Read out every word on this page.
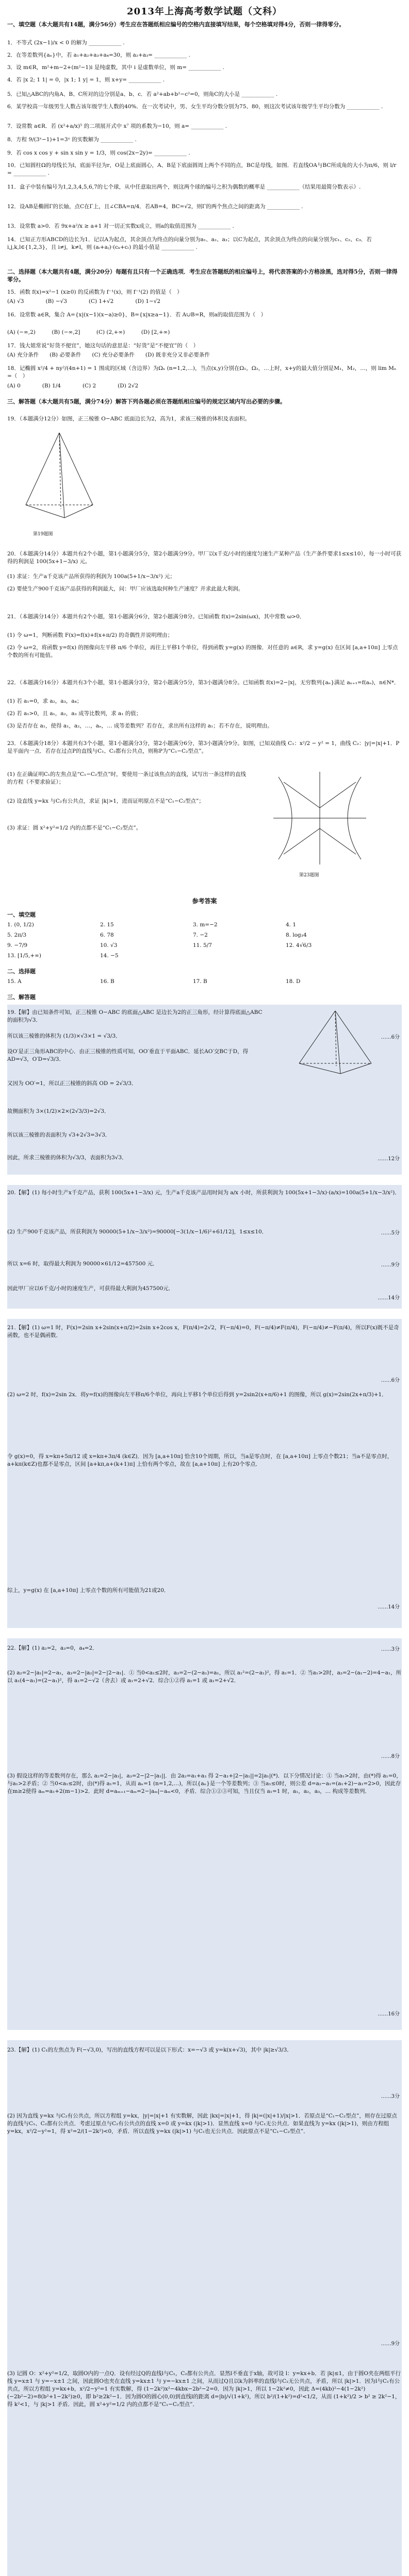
2013年上海高考数学试题（文科）
一、填空题（本大题共有14题，满分56分）考生应在答题纸相应编号的空格内直接填写结果，每个空格填对得4分，否则一律得零分。
1．不等式 (2x−1)/x < 0 的解为 ____________ .
2．在等差数列{aₙ}中，若 a₁+a₂+a₃+a₄=30，则 a₂+a₃= ____________ .
3．设 m∈R，m²+m−2+(m²−1)i 是纯虚数，其中 i 是虚数单位，则 m= ____________ .
4．若 |x 2; 1 1| = 0，|x 1; 1 y| = 1，则 x+y= ____________ .
5．已知△ABC的内角A、B、C所对的边分别是a、b、c．若 a²+ab+b²−c²=0，则角C的大小是 ____________ .
6．某学校高一年级男生人数占该年级学生人数的40%．在一次考试中，男、女生平均分数分别为75、80，则这次考试该年级学生平均分数为 ____________ .
7．设常数 a∈R．若 (x²+a/x)⁵ 的二项展开式中 x⁷ 项的系数为−10，则 a= ____________ .
8．方程 9/(3ˣ−1)+1=3ˣ 的实数解为 ____________ .
9．若 cos x cos y + sin x sin y = 1/3，则 cos(2x−2y)= ____________ .
10．已知圆柱Ω的母线长为l，底面半径为r，O是上底面圆心，A、B是下底面圆周上两个不同的点，BC是母线，如图．若直线OA与BC所成角的大小为π/6，则 l/r = ____________ .
11．盒子中装有编号为1,2,3,4,5,6,7的七个球，从中任意取出两个，则这两个球的编号之积为偶数的概率是 ____________（结果用最简分数表示）.
12．设AB是椭圆Γ的长轴，点C在Γ上，且∠CBA=π/4．若AB=4，BC=√2，则Γ的两个焦点之间的距离为 ____________ .
13．设常数 a>0．若 9x+a²/x ≥ a+1 对一切正实数x成立，则a的取值范围为 ____________ .
14．已知正方形ABCD的边长为1．记以A为起点，其余顶点为终点的向量分别为a₁、a₂、a₃；以C为起点，其余顶点为终点的向量分别为c₁、c₂、c₃．若 i,j,k,l∈{1,2,3}，且 i≠j，k≠l，则 (aᵢ+aⱼ)·(cₖ+cₗ) 的最小值是 ____________ .
二、选择题（本大题共有4题，满分20分）每题有且只有一个正确选项．考生应在答题纸的相应编号上，将代表答案的小方格涂黑，选对得5分，否则一律得零分。
15．函数 f(x)=x²−1 (x≥0) 的反函数为 f⁻¹(x)，则 f⁻¹(2) 的值是（　）
(A) √3　　　　(B) −√3　　　　(C) 1+√2　　　　(D) 1−√2
16．设常数 a∈R，集合 A={x|(x−1)(x−a)≥0}，B={x|x≥a−1}．若 A∪B=R，则a的取值范围为（　）
(A) (−∞,2)　　　(B) (−∞,2]　　　(C) (2,+∞)　　　(D) [2,+∞)
17．钱大姐常说“好货不便宜”，她这句话的意思是：“好货”是“不便宜”的（　）
(A) 充分条件　　(B) 必要条件　　(C) 充分必要条件　　(D) 既非充分又非必要条件
18．记椭圆 x²/4 + ny²/(4n+1) = 1 围成的区域（含边界）为Ωₙ (n=1,2,…)，当点(x,y)分别在Ω₁，Ω₂，…上时，x+y的最大值分别是M₁，M₂，…，则 lim Mₙ =（　）
(A) 0　　　　(B) 1/4　　　　(C) 2　　　　(D) 2√2
三、解答题（本大题共有5题，满分74分）解答下列各题必须在答题纸相应编号的规定区域内写出必要的步骤。
19．（本题满分12分）如图，正三棱锥 O−ABC 底面边长为2，高为1，求该三棱锥的体积及表面积。
第19题图
20．（本题满分14分）本题共有2个小题，第1小题满分5分，第2小题满分9分。甲厂以x千克/小时的速度匀速生产某种产品（生产条件要求1≤x≤10），每一小时可获得的利润是 100(5x+1−3/x) 元。
(1) 求证：生产a千克该产品所获得的利润为 100a(5+1/x−3/x²) 元；
(2) 要使生产900千克该产品获得的利润最大，问：甲厂应该选取何种生产速度？并求此最大利润。
21．（本题满分14分）本题共有2个小题，第1小题满分6分，第2小题满分8分。已知函数 f(x)=2sin(ωx)，其中常数 ω>0．
(1) 令 ω=1，判断函数 F(x)=f(x)+f(x+π/2) 的奇偶性并说明理由；
(2) 令 ω=2，将函数 y=f(x) 的图像向左平移 π/6 个单位，再往上平移1个单位，得到函数 y=g(x) 的图像．对任意的 a∈R，求 y=g(x) 在区间 [a,a+10π] 上零点个数的所有可能值。
22．（本题满分16分）本题共有3个小题，第1小题满分3分，第2小题满分5分，第3小题满分8分。已知函数 f(x)=2−|x|，无穷数列{aₙ}满足 aₙ₊₁=f(aₙ)，n∈N*．
(1) 若 a₁=0，求 a₂，a₃，a₄；
(2) 若 a₁>0，且 a₁，a₂，a₃ 成等比数列，求 a₁ 的值；
(3) 是否存在 a₁，使得 a₁，a₂，…，aₙ，… 成等差数列？若存在，求出所有这样的 a₁；若不存在，说明理由。
23．（本题满分18分）本题共有3个小题，第1小题满分3分，第2小题满分6分，第3小题满分9分。如图，已知双曲线 C₁：x²/2 − y² = 1，曲线 C₂：|y|=|x|+1．P是平面内一点．若存在过点P的直线与C₁、C₂都有公共点，则称P为“C₁−C₂型点”。
(1) 在正确证明C₁的左焦点是“C₁−C₂型点”时，要使用一条过该焦点的直线，试写出一条这样的直线的方程（不要求验证）；
(2) 设直线 y=kx 与C₂有公共点，求证 |k|>1，进而证明原点不是“C₁−C₂型点”；
(3) 求证：圆 x²+y²=1/2 内的点都不是“C₁−C₂型点”。
第23题图
参考答案
一、填空题
1. (0, 1/2)	2. 15	3. m=−2	4. 1
5. 2π/3	6. 78	7. −2	8. log₃4
9. −7/9	10. √3	11. 5/7	12. 4√6/3
13. [1/5,+∞)	14. −5
二、选择题
15. A	16. B	17. B	18. D
三、解答题
19.【解】由已知条件可知，正三棱锥 O−ABC 的底面△ABC 是边长为2的正三角形，经计算得底面△ABC的面积为√3．
所以该三棱锥的体积为 (1/3)×√3×1 = √3/3．
设O′是正三角形ABC的中心．由正三棱锥的性质可知，OO′垂直于平面ABC．延长AO′交BC于D，得 AD=√3，O′D=√3/3．
又因为 OO′=1，所以正三棱锥的斜高 OD = 2√3/3．
故侧面积为 3×(1/2)×2×(2√3/3)=2√3．
所以该三棱锥的表面积为 √3+2√3=3√3．
因此，所求三棱锥的体积为√3/3，表面积为3√3．
……6分
……12分
20.【解】(1) 每小时生产x千克产品，获利 100(5x+1−3/x) 元，生产a千克该产品用时间为 a/x 小时，所获利润为 100(5x+1−3/x)·(a/x)=100a(5+1/x−3/x²)．
(2) 生产900千克该产品，所获利润为 90000(5+1/x−3/x²)=90000[−3(1/x−1/6)²+61/12]，1≤x≤10．
所以 x=6 时，取得最大利润为 90000×61/12=457500 元．
因此甲厂应以6千克/小时的速度生产，可获得最大利润为457500元．
……5分
……9分
……14分
21.【解】(1) ω=1 时，F(x)=2sin x+2sin(x+π/2)=2sin x+2cos x，F(π/4)=2√2，F(−π/4)=0，F(−π/4)≠F(π/4)，F(−π/4)≠−F(π/4)，所以F(x)既不是奇函数，也不是偶函数．
(2) ω=2 时，f(x)=2sin 2x．将y=f(x)的图像向左平移π/6个单位，再向上平移1个单位后得到 y=2sin2(x+π/6)+1 的图像，所以 g(x)=2sin(2x+π/3)+1．
令 g(x)=0，得 x=kπ+5π/12 或 x=kπ+3π/4 (k∈Z)．因为 [a,a+10π] 恰含10个周期，所以，当a是零点时，在 [a,a+10π] 上零点个数21；当a不是零点时，a+kπ(k∈Z)也都不是零点，区间 [a+kπ,a+(k+1)π] 上恰有两个零点，故在 [a,a+10π] 上有20个零点．
综上，y=g(x) 在 [a,a+10π] 上零点个数的所有可能值为21或20．
……6分
……14分
22.【解】(1) a₂=2，a₃=0，a₄=2．
(2) a₂=2−|a₁|=2−a₁，a₃=2−|a₂|=2−|2−a₁|．① 当0<a₁≤2时，a₃=2−(2−a₁)=a₁，所以 a₁²=(2−a₁)²，得 a₁=1．② 当a₁>2时，a₃=2−(a₁−2)=4−a₁，所以 a₁(4−a₁)=(2−a₁)²，得 a₁=2−√2（舍去）或 a₁=2+√2．综合①②得 a₁=1 或 a₁=2+√2．
(3) 假设这样的等差数列存在，那么 a₂=2−|a₁|，a₃=2−|2−|a₁||．由 2a₂=a₁+a₃ 得 2−a₁+|2−|a₁||=2|a₁|(*)．以下分情况讨论：① 当a₁>2时，由(*)得 a₁=0，与a₁>2矛盾；② 当0<a₁≤2时，由(*)得 a₁=1，从而 aₙ=1 (n=1,2,…)，所以{aₙ}是一个等差数列；③ 当a₁≤0时，则公差 d=a₂−a₁=(a₁+2)−a₁=2>0，因此存在m≥2使得 aₘ=a₁+2(m−1)>2．此时 d=aₘ₊₁−aₘ=2−|aₘ|−aₘ<0，矛盾．综合①②③可知，当且仅当 a₁=1 时，a₁，a₂，a₃，… 构成等差数列．
……3分
……8分
……16分
23.【解】(1) C₁的左焦点为 F(−√3,0)，写出的直线方程可以是以下形式：x=−√3 或 y=k(x+√3)，其中 |k|≥√3/3．
(2) 因为直线 y=kx 与C₂有公共点，所以方程组 y=kx，|y|=|x|+1 有实数解，因此 |kx|=|x|+1，得 |k|=(|x|+1)/|x|>1．若原点是“C₁−C₂型点”，则存在过原点的直线与C₁、C₂都有公共点．考虑过原点与C₂有公共点的直线 x=0 或 y=kx (|k|>1)．显然直线 x=0 与C₁无公共点．如果直线为 y=kx (|k|>1)，则由方程组 y=kx，x²/2−y²=1，得 x²=2/(1−2k²)<0，矛盾．所以直线 y=kx (|k|>1) 与C₁也无公共点．因此原点不是“C₁−C₂型点”．
(3) 记圆 O：x²+y²=1/2，取圆O内的一点Q．设有经过Q的直线l与C₁，C₂都有公共点．显然l不垂直于x轴，故可设 l：y=kx+b．若 |k|≤1，由于圆O夹在两组平行线 y=x±1 与 y=−x±1 之间，因此圆O也夹在直线 y=kx±1 与 y=−kx±1 之间，从而过Q且以k为斜率的直线l与C₂无公共点，矛盾，所以 |k|>1．因为l与C₁有公共点，所以方程组 y=kx+b，x²/2−y²=1 有实数解，得 (1−2k²)x²−4kbx−2b²−2=0．因为 |k|>1，所以 1−2k²≠0，因此 Δ=(4kb)²−4(1−2k²)(−2b²−2)=8(b²+1−2k²)≥0，即 b²≥2k²−1．因为圆O的圆心(0,0)到直线l的距离 d=|b|/√(1+k²)，所以 b²/(1+k²)=d²<1/2，从而 (1+k²)/2 > b² ≥ 2k²−1，得 k²<1，与 |k|>1 矛盾．因此，圆 x²+y²=1/2 内的点都不是“C₁−C₂型点”．
……3分
……9分
